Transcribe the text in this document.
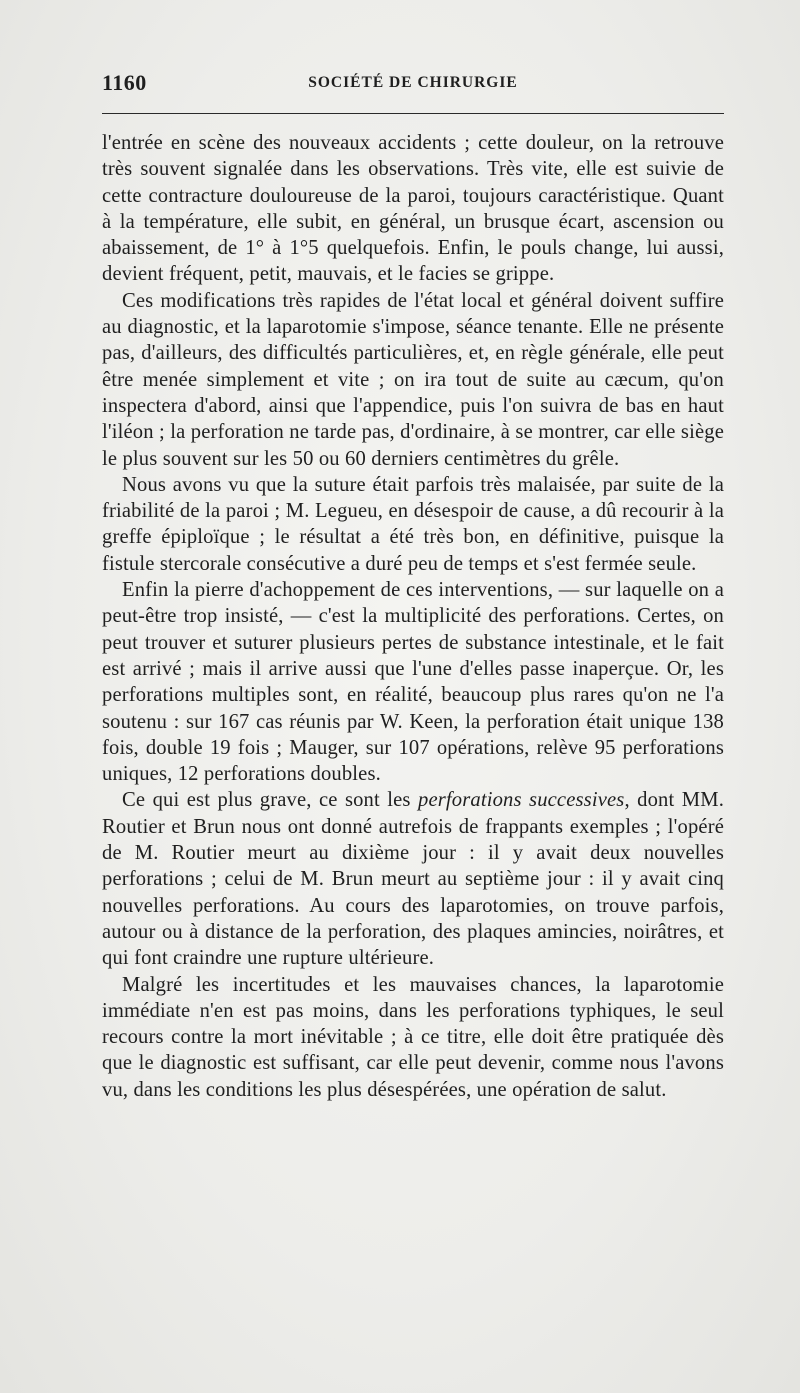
1160	SOCIÉTÉ DE CHIRURGIE

l'entrée en scène des nouveaux accidents ; cette douleur, on la retrouve très souvent signalée dans les observations. Très vite, elle est suivie de cette contracture douloureuse de la paroi, toujours caractéristique. Quant à la température, elle subit, en général, un brusque écart, ascension ou abaissement, de 1° à 1°5 quelquefois. Enfin, le pouls change, lui aussi, devient fréquent, petit, mauvais, et le facies se grippe.

Ces modifications très rapides de l'état local et général doivent suffire au diagnostic, et la laparotomie s'impose, séance tenante. Elle ne présente pas, d'ailleurs, des difficultés particulières, et, en règle générale, elle peut être menée simplement et vite ; on ira tout de suite au cæcum, qu'on inspectera d'abord, ainsi que l'appendice, puis l'on suivra de bas en haut l'iléon ; la perforation ne tarde pas, d'ordinaire, à se montrer, car elle siège le plus souvent sur les 50 ou 60 derniers centimètres du grêle.

Nous avons vu que la suture était parfois très malaisée, par suite de la friabilité de la paroi ; M. Legueu, en désespoir de cause, a dû recourir à la greffe épiploïque ; le résultat a été très bon, en définitive, puisque la fistule stercorale consécutive a duré peu de temps et s'est fermée seule.

Enfin la pierre d'achoppement de ces interventions, — sur laquelle on a peut-être trop insisté, — c'est la multiplicité des perforations. Certes, on peut trouver et suturer plusieurs pertes de substance intestinale, et le fait est arrivé ; mais il arrive aussi que l'une d'elles passe inaperçue. Or, les perforations multiples sont, en réalité, beaucoup plus rares qu'on ne l'a soutenu : sur 167 cas réunis par W. Keen, la perforation était unique 138 fois, double 19 fois ; Mauger, sur 107 opérations, relève 95 perforations uniques, 12 perforations doubles.

Ce qui est plus grave, ce sont les perforations successives, dont MM. Routier et Brun nous ont donné autrefois de frappants exemples ; l'opéré de M. Routier meurt au dixième jour : il y avait deux nouvelles perforations ; celui de M. Brun meurt au septième jour : il y avait cinq nouvelles perforations. Au cours des laparotomies, on trouve parfois, autour ou à distance de la perforation, des plaques amincies, noirâtres, et qui font craindre une rupture ultérieure.

Malgré les incertitudes et les mauvaises chances, la laparotomie immédiate n'en est pas moins, dans les perforations typhiques, le seul recours contre la mort inévitable ; à ce titre, elle doit être pratiquée dès que le diagnostic est suffisant, car elle peut devenir, comme nous l'avons vu, dans les conditions les plus désespérées, une opération de salut.
